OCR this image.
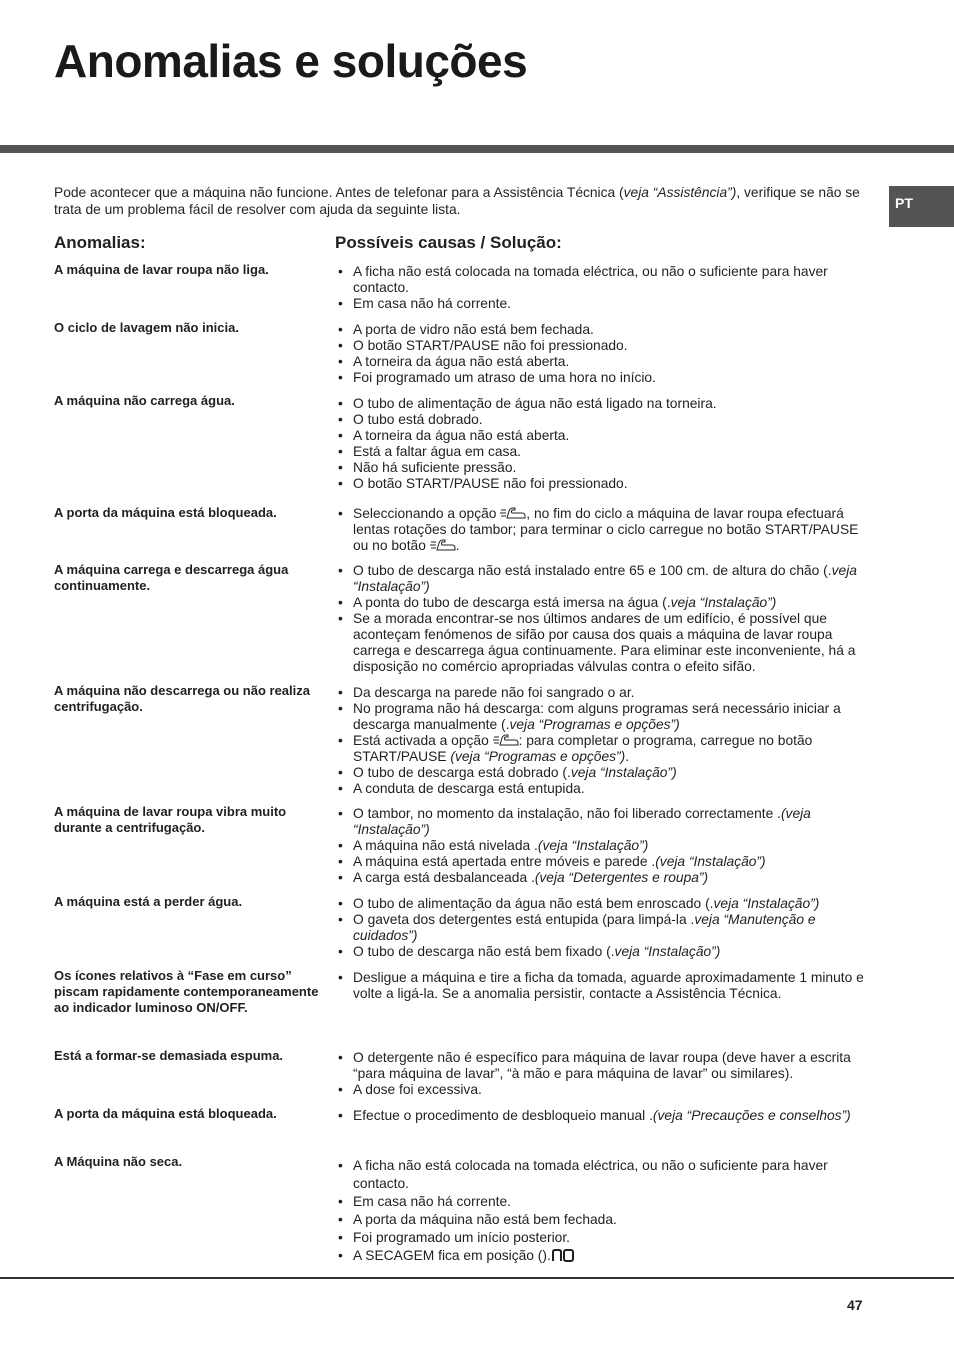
Anomalias e soluções
PT

Pode acontecer que a máquina não funcione. Antes de telefonar para a Assistência Técnica (veja “Assistência”), verifique se não se trata de um problema fácil de resolver com ajuda da seguinte lista.

Anomalias:	Possíveis causas / Solução:
A máquina de lavar roupa não liga.	• A ficha não está colocada na tomada eléctrica, ou não o suficiente para haver contacto.
• Em casa não há corrente.
O ciclo de lavagem não inicia.	• A porta de vidro não está bem fechada.
• O botão START/PAUSE não foi pressionado.
• A torneira da água não está aberta.
• Foi programado um atraso de uma hora no início.
A máquina não carrega água.	• O tubo de alimentação de água não está ligado na torneira.
• O tubo está dobrado.
• A torneira da água não está aberta.
• Está a faltar água em casa.
• Não há suficiente pressão.
• O botão START/PAUSE não foi pressionado.
A porta da máquina está bloqueada.	• Seleccionando a opção , no fim do ciclo a máquina de lavar roupa efectuará lentas rotações do tambor; para terminar o ciclo carregue no botão START/PAUSE ou no botão .
A máquina carrega e descarrega água continuamente.
• O tubo de descarga não está instalado entre 65 e 100 cm. de altura do chão (.veja “Instalação”)
• A ponta do tubo de descarga está imersa na água (.veja “Instalação”)
• Se a morada encontrar-se nos últimos andares de um edifício, é possível que aconteçam fenómenos de sifão por causa dos quais a máquina de lavar roupa carrega e descarrega água continuamente. Para eliminar este inconveniente, há a disposição no comércio apropriadas válvulas contra o efeito sifão.
A máquina não descarrega ou não realiza centrifugação.
• Da descarga na parede não foi sangrado o ar.
• No programa não há descarga: com alguns programas será necessário iniciar a descarga manualmente (.veja “Programas e opções”)
• Está activada a opção : para completar o programa, carregue no botão START/PAUSE (veja “Programas e opções”).
• O tubo de descarga está dobrado (.veja “Instalação”)
• A conduta de descarga está entupida.
A máquina de lavar roupa vibra muito durante a centrifugação.
• O tambor, no momento da instalação, não foi liberado correctamente .(veja “Instalação”)
• A máquina não está nivelada .(veja “Instalação”)
• A máquina está apertada entre móveis e parede .(veja “Instalação”)
• A carga está desbalanceada .(veja “Detergentes e roupa”)
A máquina está a perder água.	• O tubo de alimentação da água não está bem enroscado (.veja “Instalação”)
• O gaveta dos detergentes está entupida (para limpá-la .veja “Manutenção e cuidados”)
• O tubo de descarga não está bem fixado (.veja “Instalação”)
Os ícones relativos à “Fase em curso” piscam rapidamente contemporaneamente ao indicador luminoso ON/OFF.
• Desligue a máquina e tire a ficha da tomada, aguarde aproximadamente 1 minuto e volte a ligá-la. Se a anomalia persistir, contacte a Assistência Técnica.
Está a formar-se demasiada espuma.	• O detergente não é específico para máquina de lavar roupa (deve haver a escrita “para máquina de lavar”, “à mão e para máquina de lavar” ou similares).
• A dose foi excessiva.
A porta da máquina está bloqueada.	• Efectue o procedimento de desbloqueio manual .(veja “Precauções e conselhos”)
A Máquina não seca.	• A ficha não está colocada na tomada eléctrica, ou não o suficiente para haver contacto.
• Em casa não há corrente.
• A porta da máquina não está bem fechada.
• Foi programado um início posterior.
• A SECAGEM fica em posição ().
47
